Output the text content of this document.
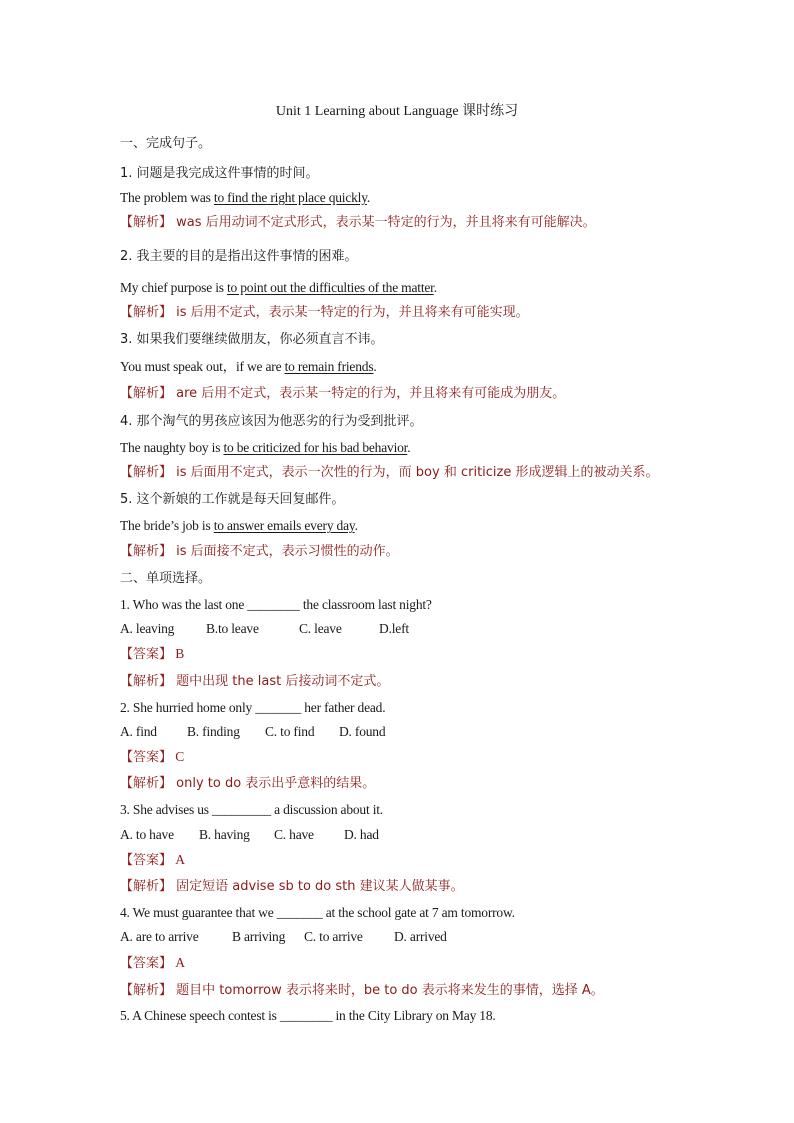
Unit 1 Learning about Language 课时练习
一、完成句子。
1. 问题是我完成这件事情的时间。
The problem was to find the right place quickly.
【解析】 was 后用动词不定式形式，表示某一特定的行为，并且将来有可能解决。
2. 我主要的目的是指出这件事情的困难。
My chief purpose is to point out the difficulties of the matter.
【解析】 is 后用不定式，表示某一特定的行为，并且将来有可能实现。
3. 如果我们要继续做朋友，你必须直言不讳。
You must speak out，if we are to remain friends.
【解析】 are 后用不定式，表示某一特定的行为，并且将来有可能成为朋友。
4. 那个淘气的男孩应该因为他恶劣的行为受到批评。
The naughty boy is to be criticized for his bad behavior.
【解析】 is 后面用不定式，表示一次性的行为，而 boy 和 criticize 形成逻辑上的被动关系。
5. 这个新娘的工作就是每天回复邮件。
The bride’s job is to answer emails every day.
【解析】 is 后面接不定式，表示习惯性的动作。
二、单项选择。
1. Who was the last one ________ the classroom last night?
A. leaving B.to leave	C. leave	D.left
【答案】 B
【解析】 题中出现 the last 后接动词不定式。
2. She hurried home only _______ her father dead.
A. find B. finding C. to find D. found
【答案】 C
【解析】 only to do 表示出乎意料的结果。
3. She advises us _________ a discussion about it.
A. to have B. having C. have D. had
【答案】 A
【解析】 固定短语 advise sb to do sth 建议某人做某事。
4. We must guarantee that we _______ at the school gate at 7 am tomorrow.
A. are to arrive B arriving C. to arrive D. arrived
【答案】 A
【解析】 题目中 tomorrow 表示将来时，be to do 表示将来发生的事情，选择 A。
5. A Chinese speech contest is ________ in the City Library on May 18.
